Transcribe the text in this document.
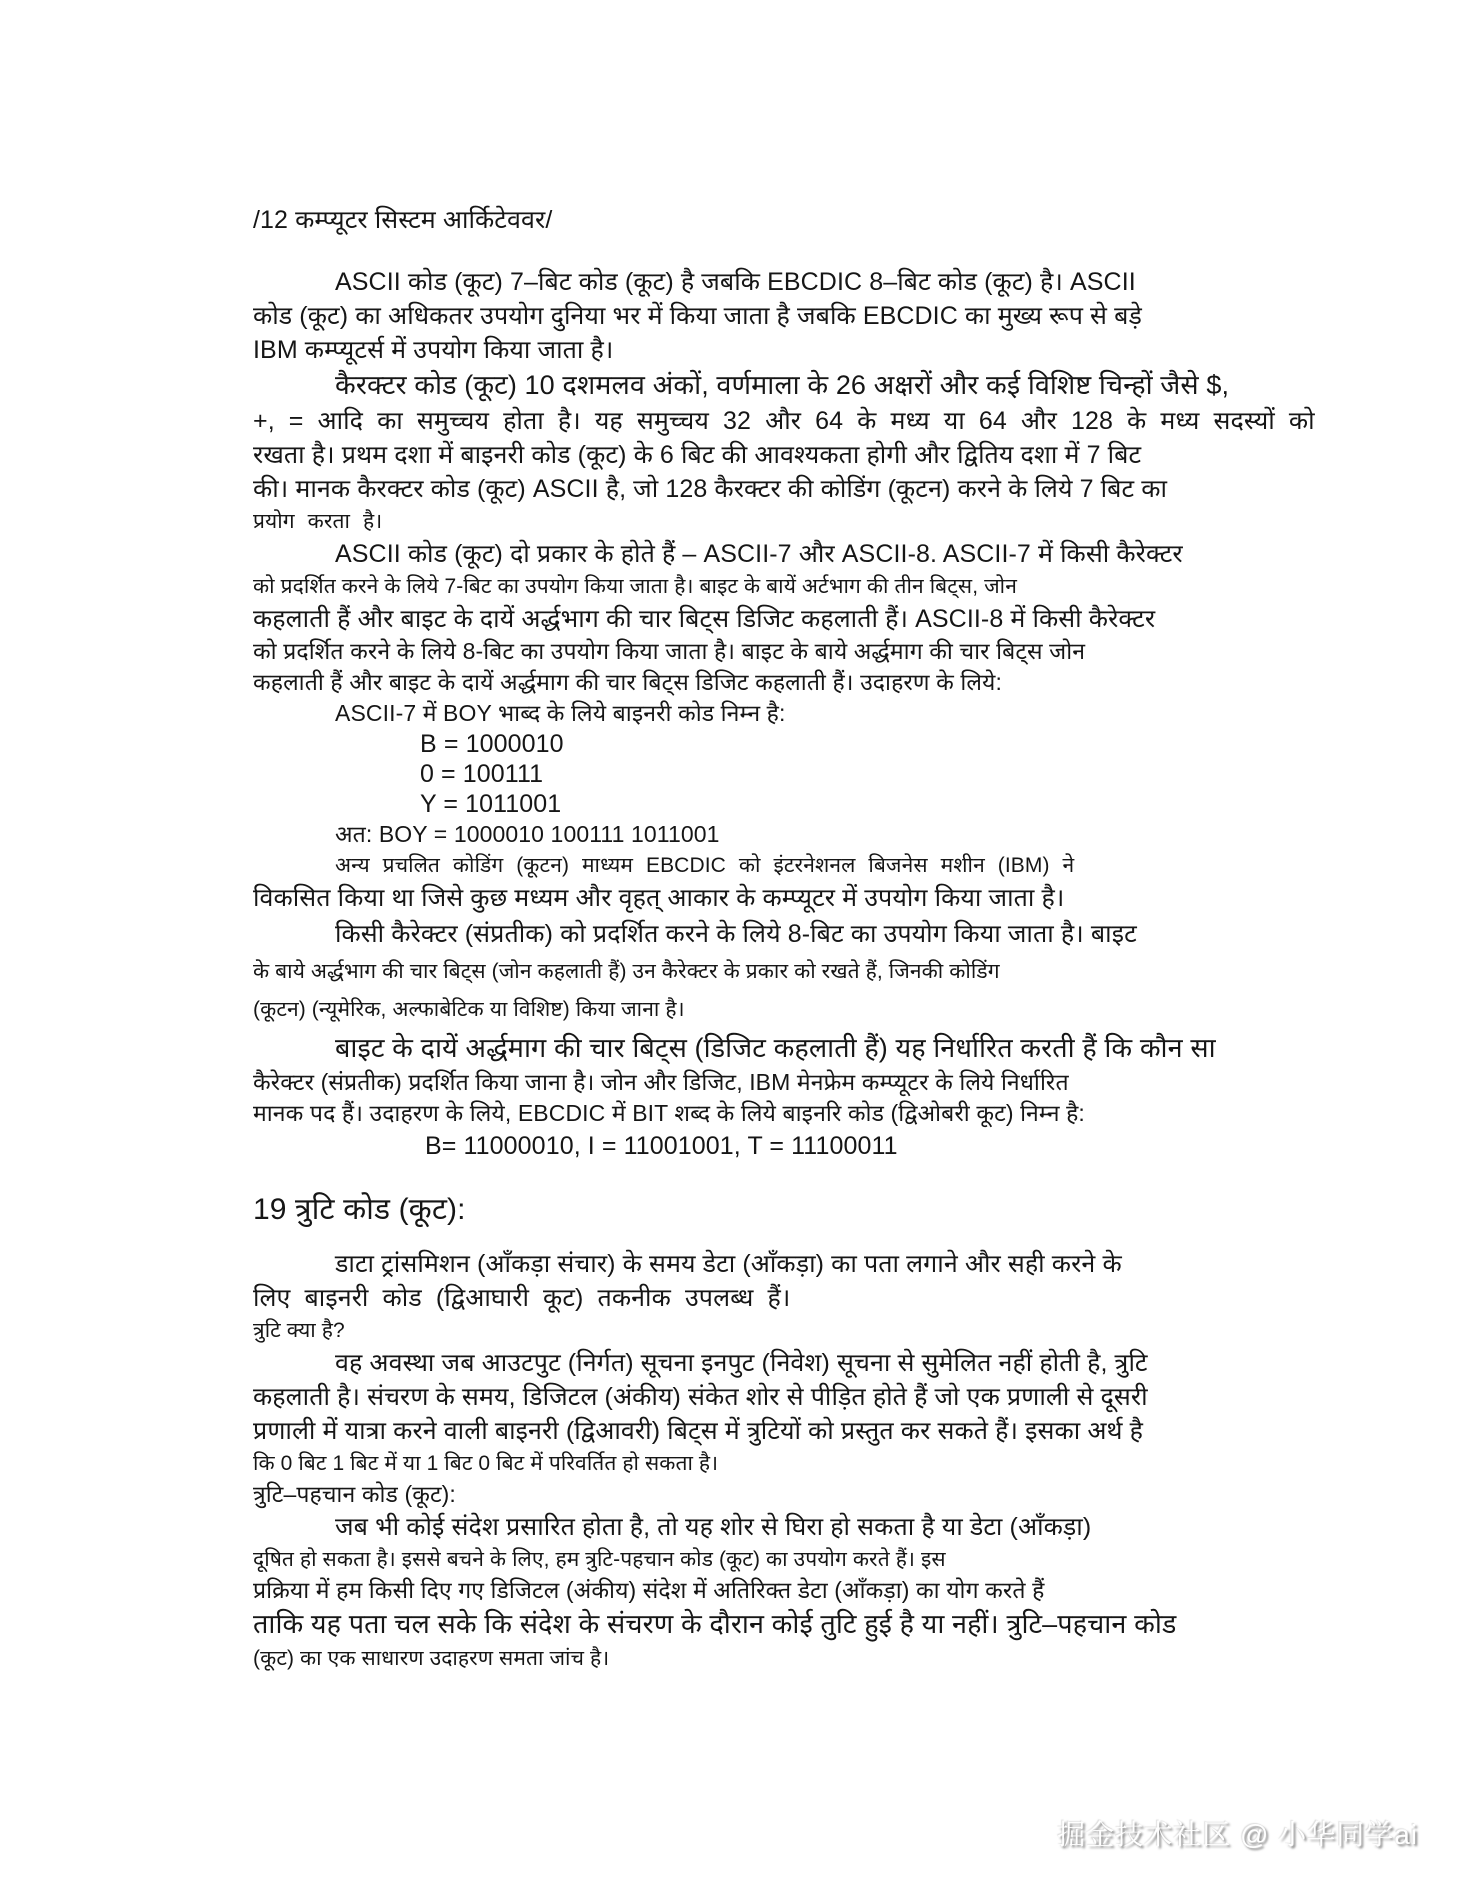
/12 कम्प्यूटर सिस्टम आर्किटेववर/
ASCII कोड (कूट) 7–बिट कोड (कूट) है जबकि EBCDIC 8–बिट कोड (कूट) है। ASCII
कोड (कूट) का अधिकतर उपयोग दुनिया भर में किया जाता है जबकि EBCDIC का मुख्य रूप से बड़े
IBM कम्प्यूटर्स में उपयोग किया जाता है।
कैरक्टर कोड (कूट) 10 दशमलव अंकों, वर्णमाला के 26 अक्षरों और कई विशिष्ट चिन्हों जैसे $,
+, = आदि का समुच्चय होता है। यह समुच्चय 32 और 64 के मध्य या 64 और 128 के मध्य सदस्यों को
रखता है। प्रथम दशा में बाइनरी कोड (कूट) के 6 बिट की आवश्यकता होगी और द्वितिय दशा में 7 बिट
की। मानक कैरक्टर कोड (कूट) ASCII है, जो 128 कैरक्टर की कोडिंग (कूटन) करने के लिये 7 बिट का
प्रयोग करता है।
ASCII कोड (कूट) दो प्रकार के होते हैं – ASCII-7 और ASCII-8. ASCII-7 में किसी कैरेक्टर
को प्रदर्शित करने के लिये 7-बिट का उपयोग किया जाता है। बाइट के बायें अर्टभाग की तीन बिट्स, जोन
कहलाती हैं और बाइट के दायें अर्द्धभाग की चार बिट्स डिजिट कहलाती हैं। ASCII-8 में किसी कैरेक्टर
को प्रदर्शित करने के लिये 8-बिट का उपयोग किया जाता है। बाइट के बाये अर्द्धमाग की चार बिट्स जोन
कहलाती हैं और बाइट के दायें अर्द्धमाग की चार बिट्स डिजिट कहलाती हैं। उदाहरण के लिये:
ASCII-7 में BOY भाब्द के लिये बाइनरी कोड निम्न है:
B = 1000010
0 = 100111
Y = 1011001
अत: BOY = 1000010 100111 1011001
अन्य प्रचलित कोडिंग (कूटन) माध्यम EBCDIC को इंटरनेशनल बिजनेस मशीन (IBM) ने
विकसित किया था जिसे कुछ मध्यम और वृहत् आकार के कम्प्यूटर में उपयोग किया जाता है।
किसी कैरेक्टर (संप्रतीक) को प्रदर्शित करने के लिये 8-बिट का उपयोग किया जाता है। बाइट
के बाये अर्द्धभाग की चार बिट्स (जोन कहलाती हैं) उन कैरेक्टर के प्रकार को रखते हैं, जिनकी कोडिंग
(कूटन) (न्यूमेरिक, अल्फाबेटिक या विशिष्ट) किया जाना है।
बाइट के दायें अर्द्धमाग की चार बिट्स (डिजिट कहलाती हैं) यह निर्धारित करती हैं कि कौन सा
कैरेक्टर (संप्रतीक) प्रदर्शित किया जाना है। जोन और डिजिट, IBM मेनफ्रेम कम्प्यूटर के लिये निर्धारित
मानक पद हैं। उदाहरण के लिये, EBCDIC में BIT शब्द के लिये बाइनरि कोड (द्विओबरी कूट) निम्न है:
B= 11000010, I = 11001001, T = 11100011
19 त्रुटि कोड (कूट):
डाटा ट्रांसमिशन (आँकड़ा संचार) के समय डेटा (आँकड़ा) का पता लगाने और सही करने के
लिए बाइनरी कोड (द्विआघारी कूट) तकनीक उपलब्ध हैं।
त्रुटि क्या है?
वह अवस्था जब आउटपुट (निर्गत) सूचना इनपुट (निवेश) सूचना से सुमेलित नहीं होती है, त्रुटि
कहलाती है। संचरण के समय, डिजिटल (अंकीय) संकेत शोर से पीड़ित होते हैं जो एक प्रणाली से दूसरी
प्रणाली में यात्रा करने वाली बाइनरी (द्विआवरी) बिट्स में त्रुटियों को प्रस्तुत कर सकते हैं। इसका अर्थ है
कि 0 बिट 1 बिट में या 1 बिट 0 बिट में परिवर्तित हो सकता है।
त्रुटि–पहचान कोड (कूट):
जब भी कोई संदेश प्रसारित होता है, तो यह शोर से घिरा हो सकता है या डेटा (आँकड़ा)
दूषित हो सकता है। इससे बचने के लिए, हम त्रुटि-पहचान कोड (कूट) का उपयोग करते हैं। इस
प्रक्रिया में हम किसी दिए गए डिजिटल (अंकीय) संदेश में अतिरिक्त डेटा (आँकड़ा) का योग करते हैं
ताकि यह पता चल सके कि संदेश के संचरण के दौरान कोई तुटि हुई है या नहीं। त्रुटि–पहचान कोड
(कूट) का एक साधारण उदाहरण समता जांच है।
掘金技术社区 @ 小华同学ai
